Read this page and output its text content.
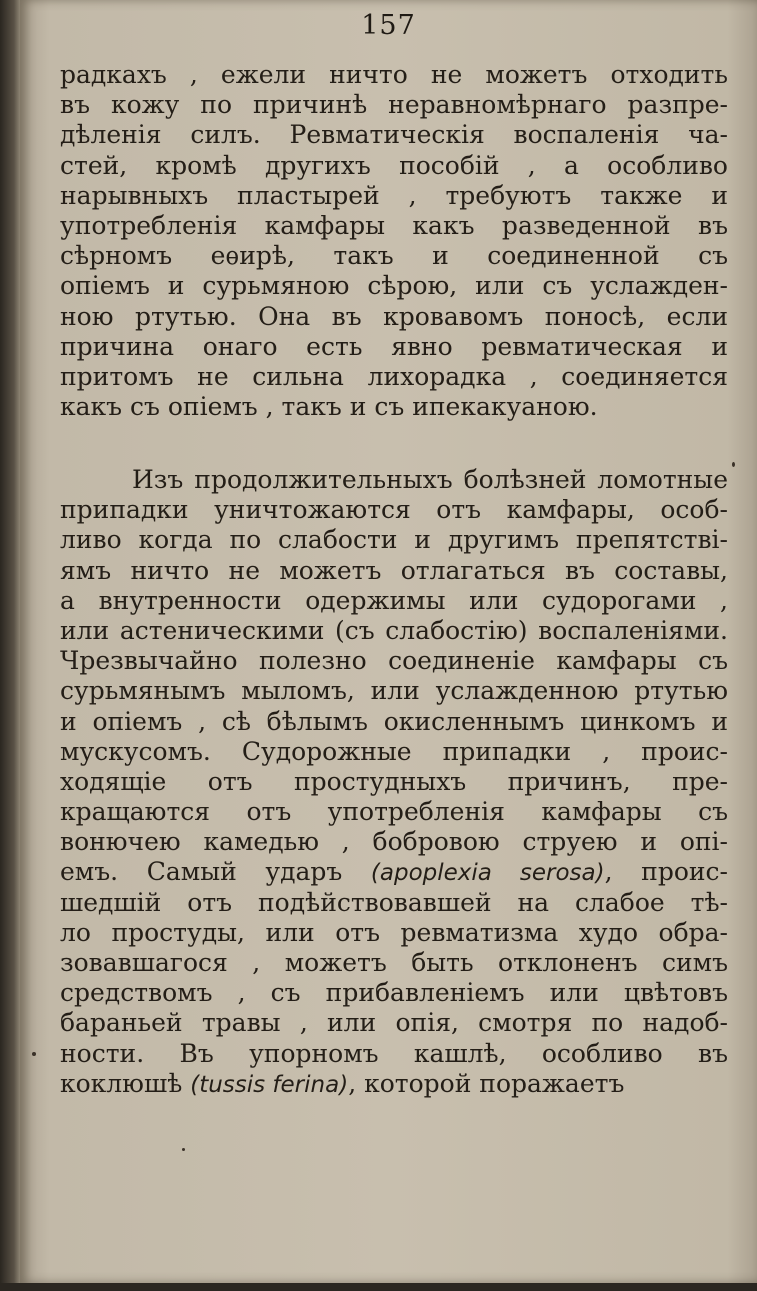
157
радкахъ , ежели ничто не можетъ отходить
въ кожу по причинѣ неравномѣрнаго разпре-
дѣленія силъ. Ревматическія воспаленія ча-
стей, кромѣ другихъ пособій , а особливо
нарывныхъ пластырей , требуютъ также и
употребленія камфары какъ разведенной въ
сѣрномъ еѳирѣ, такъ и соединенной съ
опіемъ и сурьмяною сѣрою, или съ услажден-
ною ртутью. Она въ кровавомъ поносѣ, если
причина онаго есть явно ревматическая и
притомъ не сильна лихорадка , соединяется
какъ съ опіемъ , такъ и съ ипекакуаною.
Изъ продолжительныхъ болѣзней ломотные
припадки уничтожаются отъ камфары, особ-
ливо когда по слабости и другимъ препятствi-
ямъ ничто не можетъ отлагаться въ составы,
а внутренности одержимы или судорогами ,
или астеническими (съ слабостiю) воспаленiями.
Чрезвычайно полезно соединенiе камфары съ
сурьмянымъ мыломъ, или услажденною ртутью
и опiемъ , сѣ бѣлымъ окисленнымъ цинкомъ и
мускусомъ. Судорожные припадки , проис-
ходящiе отъ простудныхъ причинъ, пре-
кращаются отъ употребленiя камфары съ
вонючею камедью , бобровою струею и опi-
емъ. Самый ударъ (apoplexia serosa), проис-
шедшiй отъ подѣйствовавшей на слабое тѣ-
ло простуды, или отъ ревматизма худо обра-
зовавшагося , можетъ быть отклоненъ симъ
средствомъ , съ прибавленiемъ или цвѣтовъ
бараньей травы , или опiя, смотря по надоб-
ности. Въ упорномъ кашлѣ, особливо въ
коклюшѣ (tussis ferina), которой поражаетъ
